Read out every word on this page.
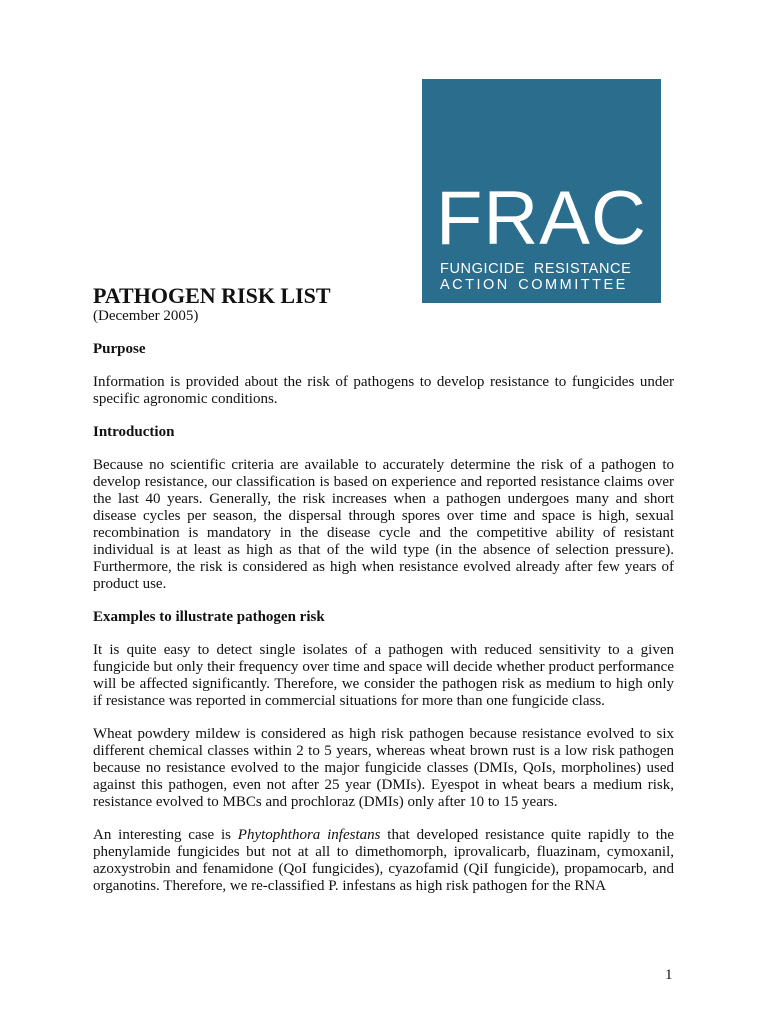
FRAC
FUNGICIDE RESISTANCE
ACTION COMMITTEE
PATHOGEN RISK LIST
(December 2005)
Purpose

Information is provided about the risk of pathogens to develop resistance to fungicides under specific agronomic conditions.

Introduction

Because no scientific criteria are available to accurately determine the risk of a pathogen to develop resistance, our classification is based on experience and reported resistance claims over the last 40 years. Generally, the risk increases when a pathogen undergoes many and short disease cycles per season, the dispersal through spores over time and space is high, sexual recombination is mandatory in the disease cycle and the competitive ability of resistant individual is at least as high as that of the wild type (in the absence of selection pressure). Furthermore, the risk is considered as high when resistance evolved already after few years of product use.

Examples to illustrate pathogen risk

It is quite easy to detect single isolates of a pathogen with reduced sensitivity to a given fungicide but only their frequency over time and space will decide whether product performance will be affected significantly. Therefore, we consider the pathogen risk as medium to high only if resistance was reported in commercial situations for more than one fungicide class.

Wheat powdery mildew is considered as high risk pathogen because resistance evolved to six different chemical classes within 2 to 5 years, whereas wheat brown rust is a low risk pathogen because no resistance evolved to the major fungicide classes (DMIs, QoIs, morpholines) used against this pathogen, even not after 25 year (DMIs). Eyespot in wheat bears a medium risk, resistance evolved to MBCs and prochloraz (DMIs) only after 10 to 15 years.

An interesting case is Phytophthora infestans that developed resistance quite rapidly to the phenylamide fungicides but not at all to dimethomorph, iprovalicarb, fluazinam, cymoxanil, azoxystrobin and fenamidone (QoI fungicides), cyazofamid (QiI fungicide), propamocarb, and organotins. Therefore, we re-classified P. infestans as high risk pathogen for the RNA

1
